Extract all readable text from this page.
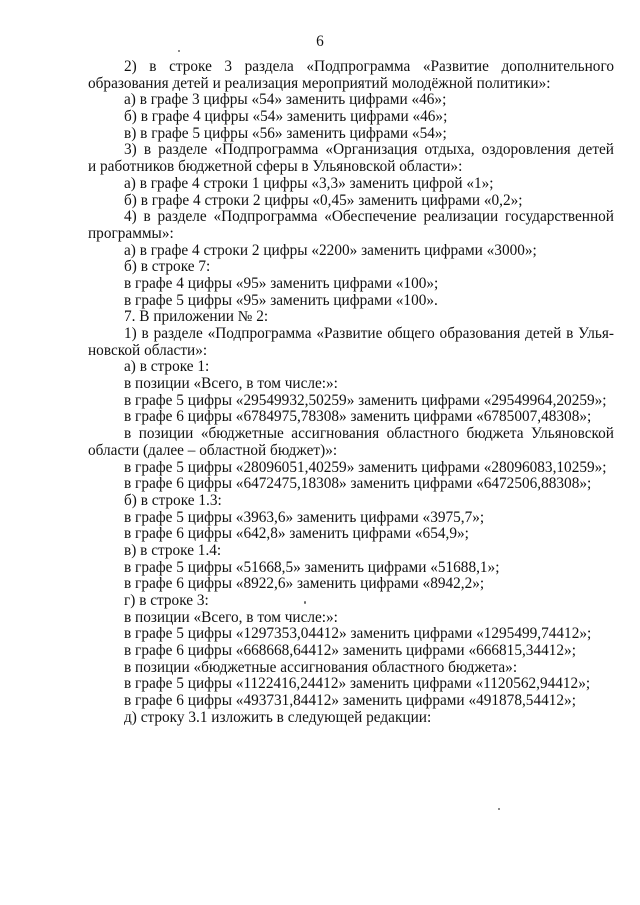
6
2) в строке 3 раздела «Подпрограмма «Развитие дополнительного
образования детей и реализация мероприятий молодёжной политики»:
а) в графе 3 цифры «54» заменить цифрами «46»;
б) в графе 4 цифры «54» заменить цифрами «46»;
в) в графе 5 цифры «56» заменить цифрами «54»;
3) в разделе «Подпрограмма «Организация отдыха, оздоровления детей
и работников бюджетной сферы в Ульяновской области»:
а) в графе 4 строки 1 цифры «3,3» заменить цифрой «1»;
б) в графе 4 строки 2 цифры «0,45» заменить цифрами «0,2»;
4) в разделе «Подпрограмма «Обеспечение реализации государственной
программы»:
а) в графе 4 строки 2 цифры «2200» заменить цифрами «3000»;
б) в строке 7:
в графе 4 цифры «95» заменить цифрами «100»;
в графе 5 цифры «95» заменить цифрами «100».
7. В приложении № 2:
1) в разделе «Подпрограмма «Развитие общего образования детей в Улья-
новской области»:
а) в строке 1:
в позиции «Всего, в том числе:»:
в графе 5 цифры «29549932,50259» заменить цифрами «29549964,20259»;
в графе 6 цифры «6784975,78308» заменить цифрами «6785007,48308»;
в позиции «бюджетные ассигнования областного бюджета Ульяновской
области (далее – областной бюджет)»:
в графе 5 цифры «28096051,40259» заменить цифрами «28096083,10259»;
в графе 6 цифры «6472475,18308» заменить цифрами «6472506,88308»;
б) в строке 1.3:
в графе 5 цифры «3963,6» заменить цифрами «3975,7»;
в графе 6 цифры «642,8» заменить цифрами «654,9»;
в) в строке 1.4:
в графе 5 цифры «51668,5» заменить цифрами «51688,1»;
в графе 6 цифры «8922,6» заменить цифрами «8942,2»;
г) в строке 3:
в позиции «Всего, в том числе:»:
в графе 5 цифры «1297353,04412» заменить цифрами «1295499,74412»;
в графе 6 цифры «668668,64412» заменить цифрами «666815,34412»;
в позиции «бюджетные ассигнования областного бюджета»:
в графе 5 цифры «1122416,24412» заменить цифрами «1120562,94412»;
в графе 6 цифры «493731,84412» заменить цифрами «491878,54412»;
д) строку 3.1 изложить в следующей редакции:
